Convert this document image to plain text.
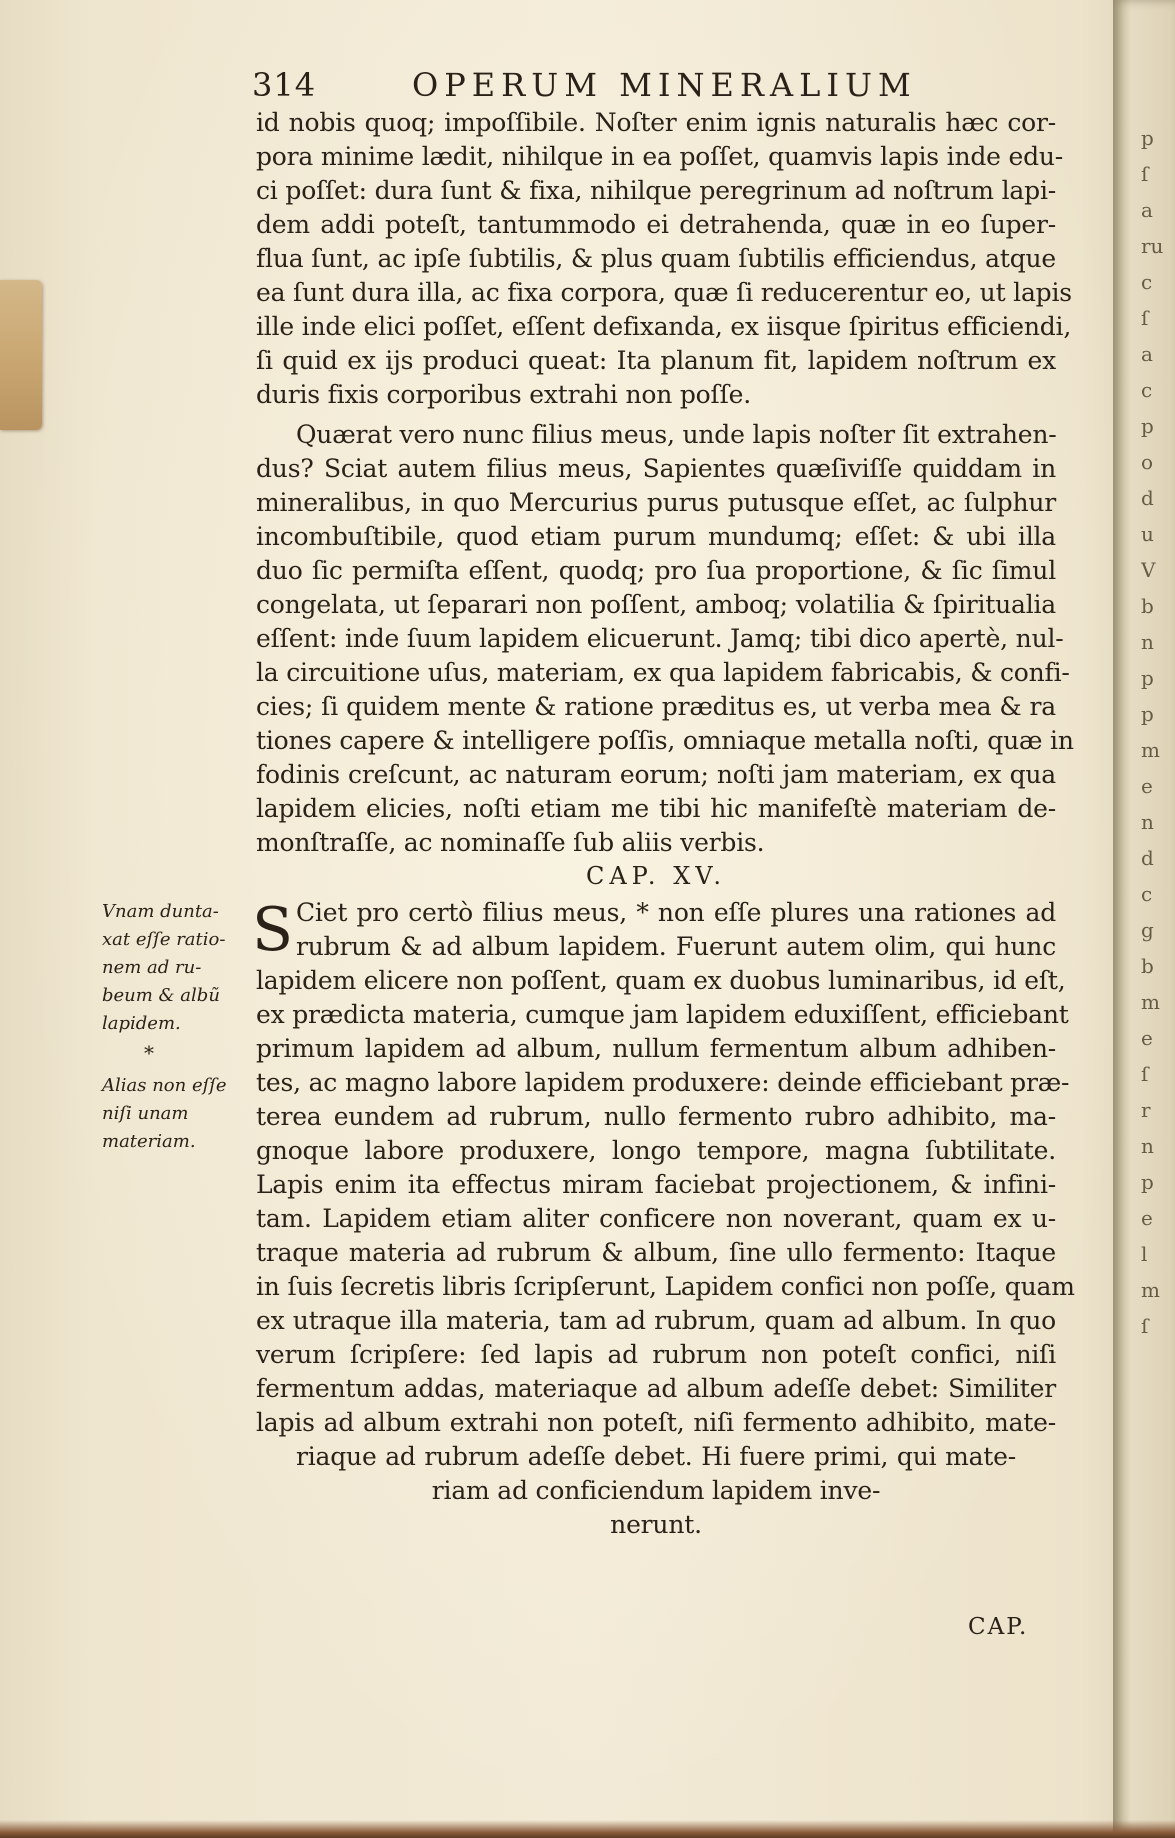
p
ſ
a
ru
c
ſ
a
c
p
o
d
u
V
b
n
p
p
m
e
n
d
c
g
b
m
e
ſ
r
n
p
e
l
m
ſ
314	OPERUM MINERALIUM
id nobis quoq; impoſſibile. Noſter enim ignis naturalis hæc cor-
pora minime lædit, nihilque in ea poſſet, quamvis lapis inde edu-
ci poſſet: dura ſunt & fixa, nihilque peregrinum ad noſtrum lapi-
dem addi poteſt, tantummodo ei detrahenda, quæ in eo ſuper-
flua ſunt, ac ipſe ſubtilis, & plus quam ſubtilis efficiendus, atque
ea ſunt dura illa, ac fixa corpora, quæ ſi reducerentur eo, ut lapis
ille inde elici poſſet, eſſent defixanda, ex iisque ſpiritus efficiendi,
ſi quid ex ijs produci queat: Ita planum fit, lapidem noſtrum ex
duris fixis corporibus extrahi non poſſe.
Quærat vero nunc filius meus, unde lapis noſter ſit extrahen-
dus? Sciat autem filius meus, Sapientes quæſiviſſe quiddam in
mineralibus, in quo Mercurius purus putusque eſſet, ac ſulphur
incombuſtibile, quod etiam purum mundumq; eſſet: & ubi illa
duo ſic permiſta eſſent, quodq; pro ſua proportione, & ſic ſimul
congelata, ut ſeparari non poſſent, amboq; volatilia & ſpiritualia
eſſent: inde ſuum lapidem elicuerunt. Jamq; tibi dico apertè, nul-
la circuitione uſus, materiam, ex qua lapidem fabricabis, & confi-
cies; ſi quidem mente & ratione præditus es, ut verba mea & ra
tiones capere & intelligere poſſis, omniaque metalla noſti, quæ in
fodinis creſcunt, ac naturam eorum; noſti jam materiam, ex qua
lapidem elicies, noſti etiam me tibi hic manifeſtè materiam de-
monſtraſſe, ac nominaſſe ſub aliis verbis.
CAP. XV.
S Ciet pro certò filius meus, * non eſſe plures una rationes ad
rubrum & ad album lapidem. Fuerunt autem olim, qui hunc
lapidem elicere non poſſent, quam ex duobus luminaribus, id eſt,
ex prædicta materia, cumque jam lapidem eduxiſſent, efficiebant
primum lapidem ad album, nullum fermentum album adhiben-
tes, ac magno labore lapidem produxere: deinde efficiebant præ-
terea eundem ad rubrum, nullo fermento rubro adhibito, ma-
gnoque labore produxere, longo tempore, magna ſubtilitate.
Lapis enim ita effectus miram faciebat projectionem, & infini-
tam. Lapidem etiam aliter conficere non noverant, quam ex u-
traque materia ad rubrum & album, ſine ullo fermento: Itaque
in ſuis ſecretis libris ſcripſerunt, Lapidem confici non poſſe, quam
ex utraque illa materia, tam ad rubrum, quam ad album. In quo
verum ſcripſere: ſed lapis ad rubrum non poteſt confici, niſi
fermentum addas, materiaque ad album adeſſe debet: Similiter
lapis ad album extrahi non poteſt, niſi fermento adhibito, mate-
riaque ad rubrum adeſſe debet. Hi fuere primi, qui mate-
riam ad conficiendum lapidem inve-
nerunt.
Vnam dunta-
xat eſſe ratio-
nem ad ru-
beum & albũ
lapidem.
*
Alias non eſſe
niſi unam
materiam.
CAP.
